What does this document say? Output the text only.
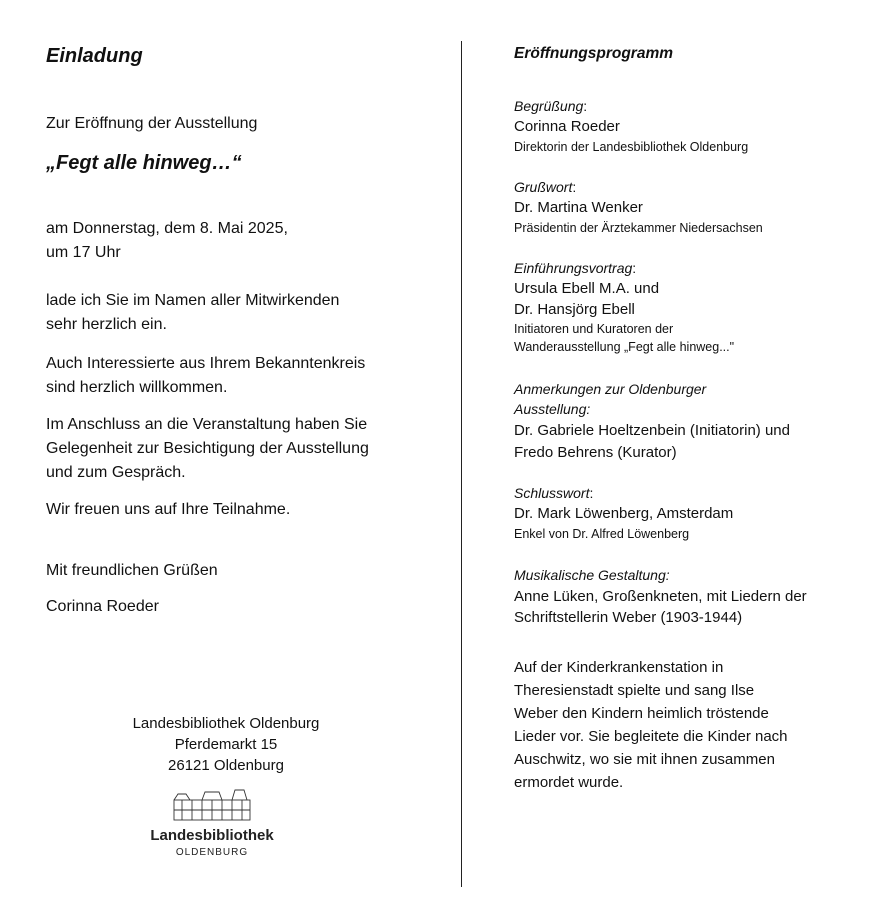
Einladung
Zur Eröffnung der Ausstellung
„Fegt alle hinweg…“
am Donnerstag, dem 8. Mai 2025,
um 17 Uhr
lade ich Sie im Namen aller Mitwirkenden
sehr herzlich ein.
Auch Interessierte aus Ihrem Bekanntenkreis
sind herzlich willkommen.
Im Anschluss an die Veranstaltung haben Sie
Gelegenheit zur Besichtigung der Ausstellung
und zum Gespräch.
Wir freuen uns auf Ihre Teilnahme.
Mit freundlichen Grüßen
Corinna Roeder
Landesbibliothek Oldenburg
Pferdemarkt 15
26121 Oldenburg
Landesbibliothek
OLDENBURG
Eröffnungsprogramm
Begrüßung:
Corinna Roeder
Direktorin der Landesbibliothek Oldenburg
Grußwort:
Dr. Martina Wenker
Präsidentin der Ärztekammer Niedersachsen
Einführungsvortrag:
Ursula Ebell M.A. und
Dr. Hansjörg Ebell
Initiatoren und Kuratoren der
Wanderausstellung „Fegt alle hinweg..."
Anmerkungen zur Oldenburger
Ausstellung:
Dr. Gabriele Hoeltzenbein (Initiatorin) und
Fredo Behrens (Kurator)
Schlusswort:
Dr. Mark Löwenberg, Amsterdam
Enkel von Dr. Alfred Löwenberg
Musikalische Gestaltung:
Anne Lüken, Großenkneten, mit Liedern der
Schriftstellerin Weber (1903-1944)
Auf der Kinderkrankenstation in
Theresienstadt spielte und sang Ilse
Weber den Kindern heimlich tröstende
Lieder vor. Sie begleitete die Kinder nach
Auschwitz, wo sie mit ihnen zusammen
ermordet wurde.
